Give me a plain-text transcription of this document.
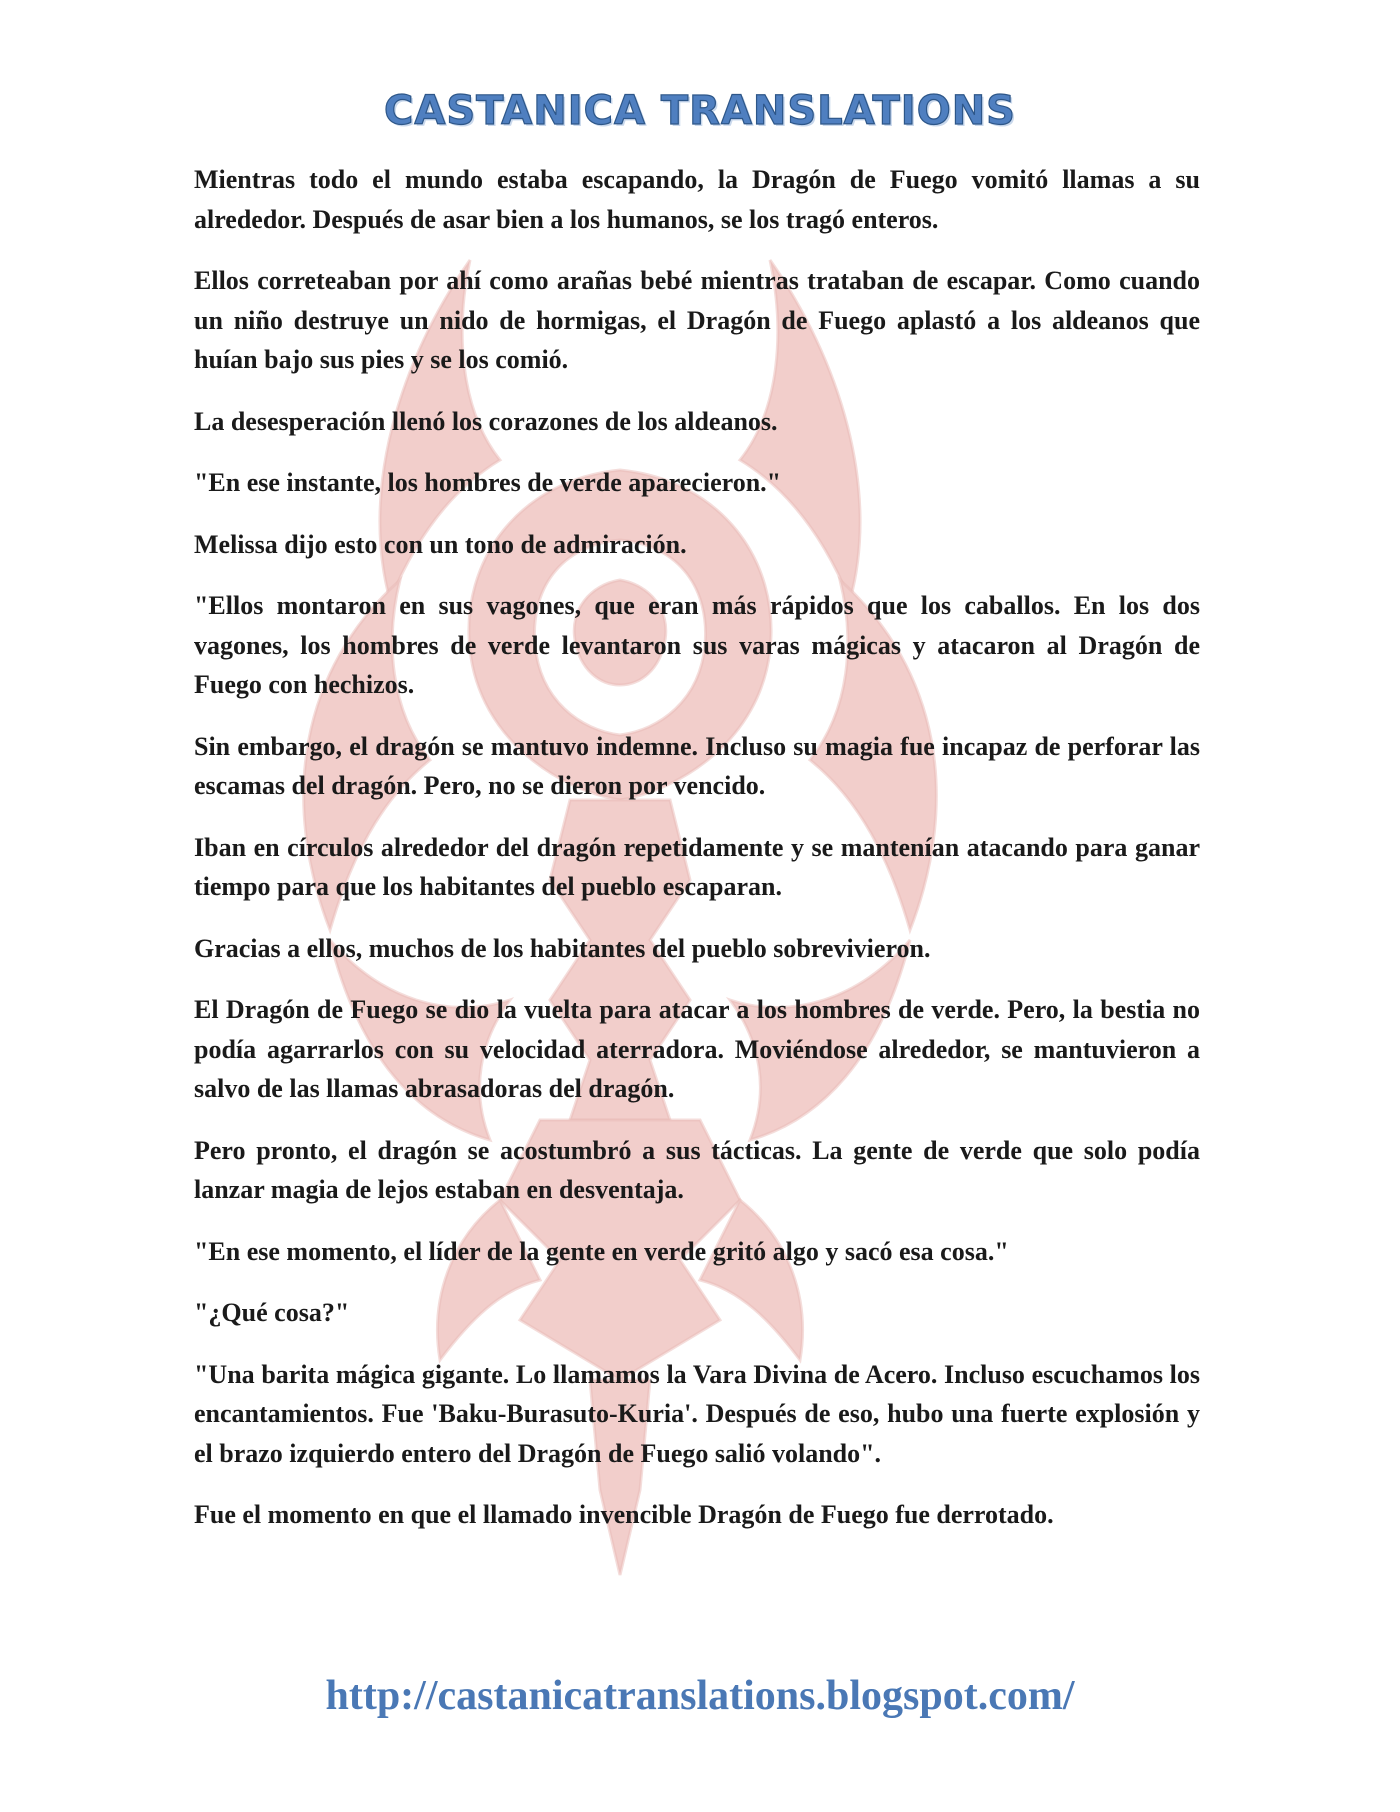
CASTANICA TRANSLATIONS

Mientras todo el mundo estaba escapando, la Dragón de Fuego vomitó llamas a su alrededor. Después de asar bien a los humanos, se los tragó enteros.

Ellos correteaban por ahí como arañas bebé mientras trataban de escapar. Como cuando un niño destruye un nido de hormigas, el Dragón de Fuego aplastó a los aldeanos que huían bajo sus pies y se los comió.

La desesperación llenó los corazones de los aldeanos.

"En ese instante, los hombres de verde aparecieron."

Melissa dijo esto con un tono de admiración.

"Ellos montaron en sus vagones, que eran más rápidos que los caballos. En los dos vagones, los hombres de verde levantaron sus varas mágicas y atacaron al Dragón de Fuego con hechizos.

Sin embargo, el dragón se mantuvo indemne. Incluso su magia fue incapaz de perforar las escamas del dragón. Pero, no se dieron por vencido.

Iban en círculos alrededor del dragón repetidamente y se mantenían atacando para ganar tiempo para que los habitantes del pueblo escaparan.

Gracias a ellos, muchos de los habitantes del pueblo sobrevivieron.

El Dragón de Fuego se dio la vuelta para atacar a los hombres de verde. Pero, la bestia no podía agarrarlos con su velocidad aterradora. Moviéndose alrededor, se mantuvieron a salvo de las llamas abrasadoras del dragón.

Pero pronto, el dragón se acostumbró a sus tácticas. La gente de verde que solo podía lanzar magia de lejos estaban en desventaja.

"En ese momento, el líder de la gente en verde gritó algo y sacó esa cosa."

"¿Qué cosa?"

"Una barita mágica gigante. Lo llamamos la Vara Divina de Acero. Incluso escuchamos los encantamientos. Fue 'Baku-Burasuto-Kuria'. Después de eso, hubo una fuerte explosión y el brazo izquierdo entero del Dragón de Fuego salió volando".

Fue el momento en que el llamado invencible Dragón de Fuego fue derrotado.

http://castanicatranslations.blogspot.com/
